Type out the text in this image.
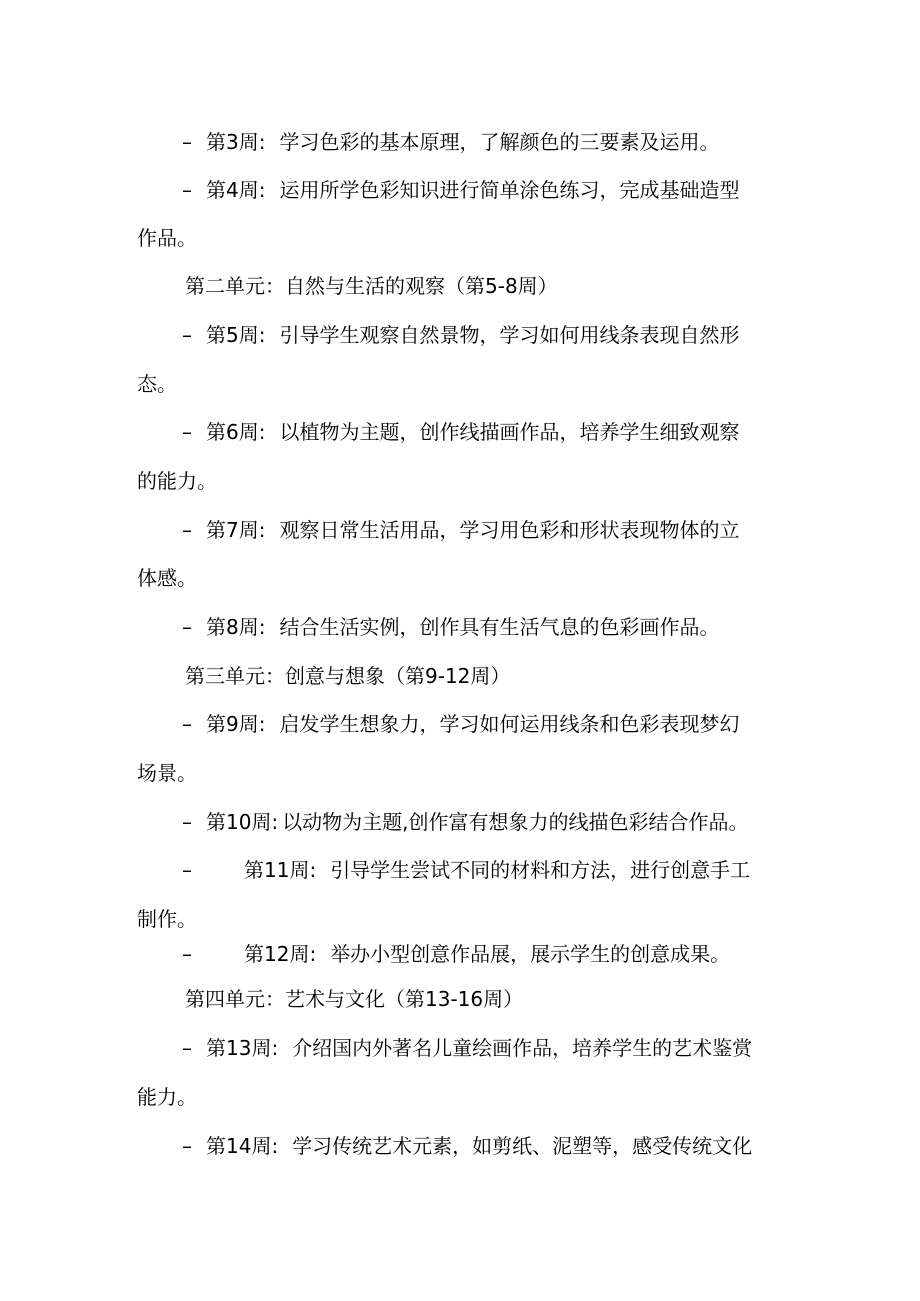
– 第3周: 学习色彩的基本原理，了解颜色的三要素及运用。
– 第4周: 运用所学色彩知识进行简单涂色练习，完成基础造型
作品。
第二单元：自然与生活的观察（第5-8周）
– 第5周: 引导学生观察自然景物，学习如何用线条表现自然形
态。
– 第6周: 以植物为主题，创作线描画作品，培养学生细致观察
的能力。
– 第7周: 观察日常生活用品，学习用色彩和形状表现物体的立
体感。
– 第8周: 结合生活实例，创作具有生活气息的色彩画作品。
第三单元：创意与想象（第9-12周）
– 第9周: 启发学生想象力，学习如何运用线条和色彩表现梦幻
场景。
– 第10周: 以动物为主题,创作富有想象力的线描色彩结合作品。
–	第11周: 引导学生尝试不同的材料和方法，进行创意手工
制作。
–	第12周: 举办小型创意作品展，展示学生的创意成果。
第四单元：艺术与文化（第13-16周）
– 第13周: 介绍国内外著名儿童绘画作品，培养学生的艺术鉴赏
能力。
– 第14周: 学习传统艺术元素，如剪纸、泥塑等，感受传统文化
